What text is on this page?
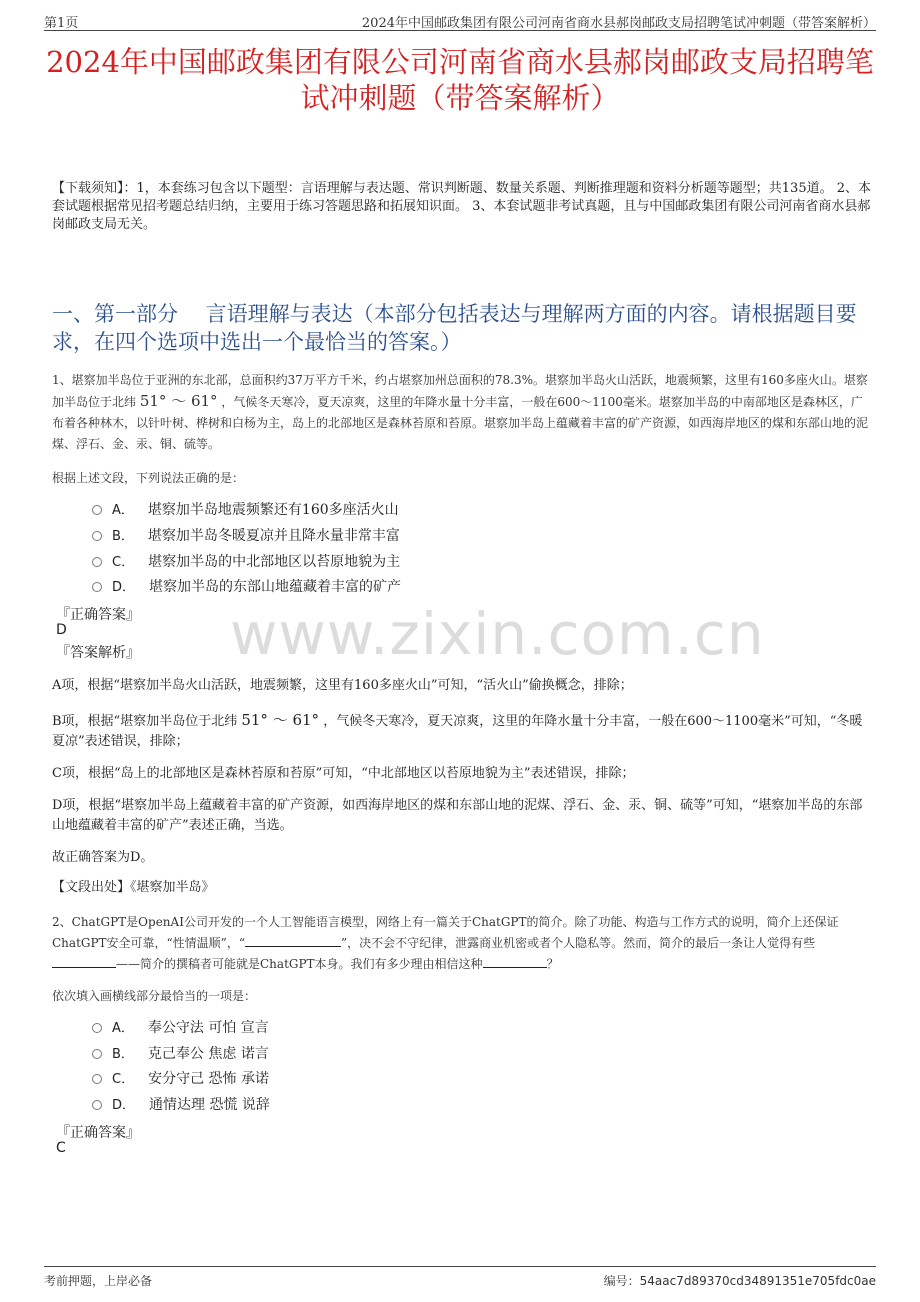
第1页	2024年中国邮政集团有限公司河南省商水县郝岗邮政支局招聘笔试冲刺题（带答案解析）
2024年中国邮政集团有限公司河南省商水县郝岗邮政支局招聘笔试冲刺题（带答案解析）
【下载须知】：1，本套练习包含以下题型：言语理解与表达题、常识判断题、数量关系题、判断推理题和资料分析题等题型；共135道。 2、本套试题根据常见招考题总结归纳，主要用于练习答题思路和拓展知识面。 3、本套试题非考试真题，且与中国邮政集团有限公司河南省商水县郝岗邮政支局无关。
一、第一部分　 言语理解与表达（本部分包括表达与理解两方面的内容。请根据题目要求，在四个选项中选出一个最恰当的答案。）
www.zixin.com.cn
1、堪察加半岛位于亚洲的东北部，总面积约37万平方千米，约占堪察加州总面积的78.3%。堪察加半岛火山活跃，地震频繁，这里有160多座火山。堪察加半岛位于北纬 51° ～ 61° ，气候冬天寒冷，夏天凉爽，这里的年降水量十分丰富，一般在600～1100毫米。堪察加半岛的中南部地区是森林区，广布着各种林木，以针叶树、桦树和白杨为主，岛上的北部地区是森林苔原和苔原。堪察加半岛上蕴藏着丰富的矿产资源，如西海岸地区的煤和东部山地的泥煤、浮石、金、汞、铜、硫等。
根据上述文段，下列说法正确的是：
A． 堪察加半岛地震频繁还有160多座活火山
B． 堪察加半岛冬暖夏凉并且降水量非常丰富
C． 堪察加半岛的中北部地区以苔原地貌为主
D． 堪察加半岛的东部山地蕴藏着丰富的矿产
『正确答案』
D
『答案解析』
A项，根据“堪察加半岛火山活跃，地震频繁，这里有160多座火山”可知，“活火山”偷换概念，排除；
B项，根据“堪察加半岛位于北纬 51° ～ 61° ，气候冬天寒冷，夏天凉爽，这里的年降水量十分丰富，一般在600～1100毫米”可知，“冬暖夏凉”表述错误，排除；
C项，根据“岛上的北部地区是森林苔原和苔原”可知，“中北部地区以苔原地貌为主”表述错误，排除；
D项，根据“堪察加半岛上蕴藏着丰富的矿产资源，如西海岸地区的煤和东部山地的泥煤、浮石、金、汞、铜、硫等”可知，“堪察加半岛的东部山地蕴藏着丰富的矿产”表述正确，当选。
故正确答案为D。
【文段出处】《堪察加半岛》
2、ChatGPT是OpenAI公司开发的一个人工智能语言模型，网络上有一篇关于ChatGPT的简介。除了功能、构造与工作方式的说明，简介上还保证ChatGPT安全可靠，“性情温顺”，“	”，决不会不守纪律，泄露商业机密或者个人隐私等。然而，简介的最后一条让人觉得有些——简介的撰稿者可能就是ChatGPT本身。我们有多少理由相信这种	？
依次填入画横线部分最恰当的一项是：
A． 奉公守法 可怕 宣言
B． 克己奉公 焦虑 诺言
C． 安分守己 恐怖 承诺
D． 通情达理 恐慌 说辞
『正确答案』
C
考前押题，上岸必备	编号：54aac7d89370cd34891351e705fdc0ae
